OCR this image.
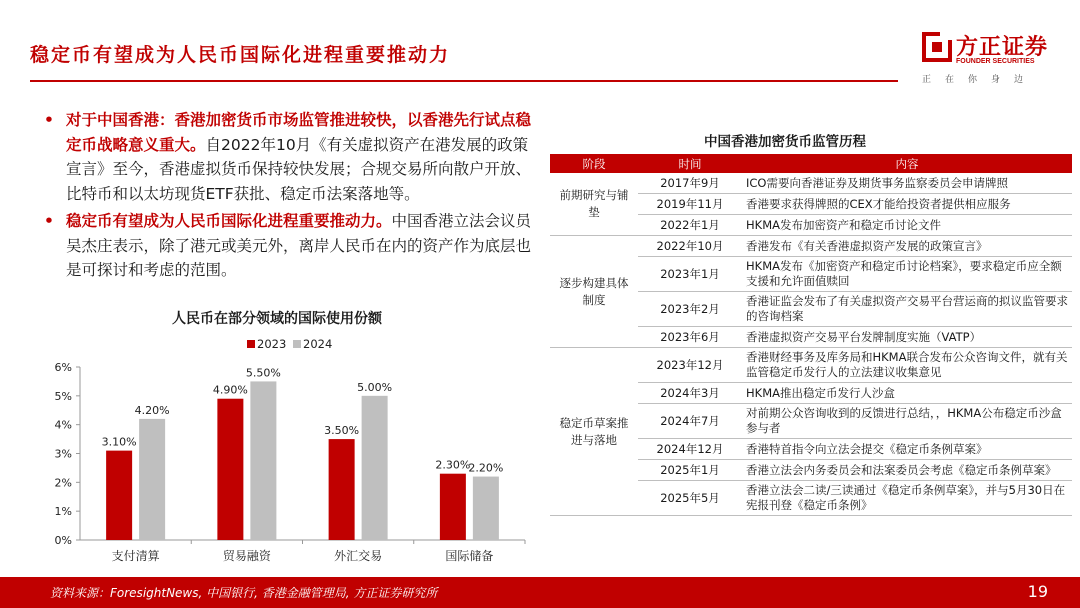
稳定币有望成为人民币国际化进程重要推动力	方正证券
FOUNDER SECURITIES
正在你身边
• 对于中国香港：香港加密货币市场监管推进较快，以香港先行试点稳定币战略意义重大。自2022年10月《有关虚拟资产在港发展的政策宣言》至今，香港虚拟货币保持较快发展；合规交易所向散户开放、比特币和以太坊现货ETF获批、稳定币法案落地等。
• 稳定币有望成为人民币国际化进程重要推动力。中国香港立法会议员吴杰庄表示，除了港元或美元外，离岸人民币在内的资产作为底层也是可探讨和考虑的范围。
人民币在部分领域的国际使用份额
0%
1%
2%
3%
4%
5%
6%
2023 2024
3.10%
4.20%
支付清算
4.90%
5.50%
贸易融资
3.50%
5.00%
外汇交易
2.30%
2.20%
国际储备
中国香港加密货币监管历程
阶段	时间	内容
前期研究与铺垫	2017年9月	ICO需要向香港证券及期货事务监察委员会申请牌照
	2019年11月	香港要求获得牌照的CEX才能给投资者提供相应服务
	2022年1月	HKMA发布加密资产和稳定币讨论文件
逐步构建具体制度	2022年10月	香港发布《有关香港虚拟资产发展的政策宣言》
	2023年1月	HKMA发布《加密资产和稳定币讨论档案》，要求稳定币应全额支援和允许面值赎回
	2023年2月	香港证监会发布了有关虚拟资产交易平台营运商的拟议监管要求的咨询档案
	2023年6月	香港虚拟资产交易平台发牌制度实施（VATP）
稳定币草案推进与落地	2023年12月	香港财经事务及库务局和HKMA联合发布公众咨询文件，就有关监管稳定币发行人的立法建议收集意见
	2024年3月	HKMA推出稳定币发行人沙盒
	2024年7月	对前期公众咨询收到的反馈进行总结，，HKMA公布稳定币沙盒参与者
	2024年12月	香港特首指令向立法会提交《稳定币条例草案》
	2025年1月	香港立法会内务委员会和法案委员会考虑《稳定币条例草案》
	2025年5月	香港立法会二读/三读通过《稳定币条例草案》，并与5月30日在宪报刊登《稳定币条例》
资料来源：ForesightNews, 中国银行, 香港金融管理局, 方正证券研究所	19
